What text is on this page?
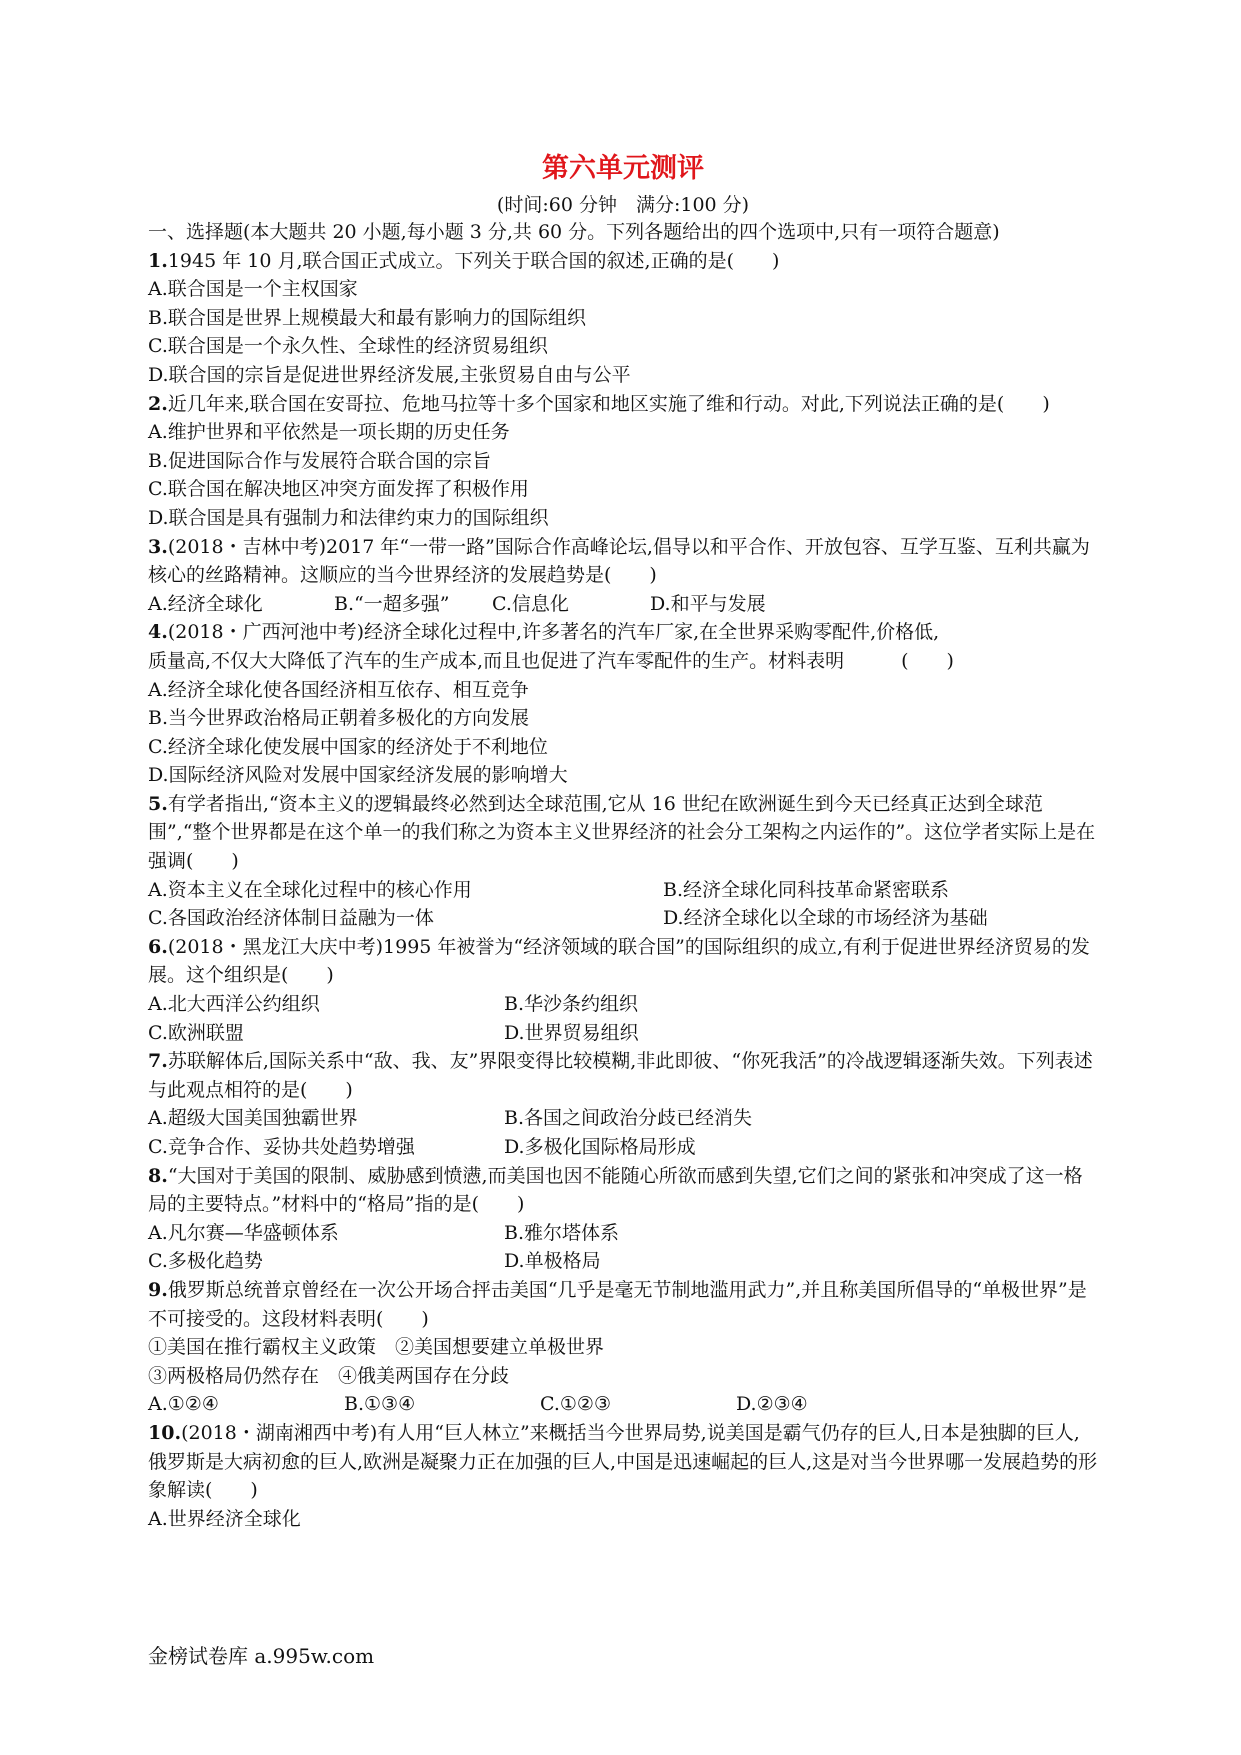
第六单元测评
(时间:60 分钟　满分:100 分)
一、选择题(本大题共 20 小题,每小题 3 分,共 60 分。下列各题给出的四个选项中,只有一项符合题意)
1.1945 年 10 月,联合国正式成立。下列关于联合国的叙述,正确的是(　　)
A.联合国是一个主权国家
B.联合国是世界上规模最大和最有影响力的国际组织
C.联合国是一个永久性、全球性的经济贸易组织
D.联合国的宗旨是促进世界经济发展,主张贸易自由与公平
2.近几年来,联合国在安哥拉、危地马拉等十多个国家和地区实施了维和行动。对此,下列说法正确的是(　　)
A.维护世界和平依然是一项长期的历史任务
B.促进国际合作与发展符合联合国的宗旨
C.联合国在解决地区冲突方面发挥了积极作用
D.联合国是具有强制力和法律约束力的国际组织
3.(2018・吉林中考)2017 年“一带一路”国际合作高峰论坛,倡导以和平合作、开放包容、互学互鉴、互利共赢为核心的丝路精神。这顺应的当今世界经济的发展趋势是(　　)
A.经济全球化	B.“一超多强”	C.信息化	D.和平与发展
4.(2018・广西河池中考)经济全球化过程中,许多著名的汽车厂家,在全世界采购零配件,价格低,
质量高,不仅大大降低了汽车的生产成本,而且也促进了汽车零配件的生产。材料表明　　　(　　)
A.经济全球化使各国经济相互依存、相互竞争
B.当今世界政治格局正朝着多极化的方向发展
C.经济全球化使发展中国家的经济处于不利地位
D.国际经济风险对发展中国家经济发展的影响增大
5.有学者指出,“资本主义的逻辑最终必然到达全球范围,它从 16 世纪在欧洲诞生到今天已经真正达到全球范围”,“整个世界都是在这个单一的我们称之为资本主义世界经济的社会分工架构之内运作的”。这位学者实际上是在强调(　　)
A.资本主义在全球化过程中的核心作用	B.经济全球化同科技革命紧密联系
C.各国政治经济体制日益融为一体	D.经济全球化以全球的市场经济为基础
6.(2018・黑龙江大庆中考)1995 年被誉为“经济领域的联合国”的国际组织的成立,有利于促进世界经济贸易的发展。这个组织是(　　)
A.北大西洋公约组织	B.华沙条约组织
C.欧洲联盟	D.世界贸易组织
7.苏联解体后,国际关系中“敌、我、友”界限变得比较模糊,非此即彼、“你死我活”的冷战逻辑逐渐失效。下列表述与此观点相符的是(　　)
A.超级大国美国独霸世界	B.各国之间政治分歧已经消失
C.竞争合作、妥协共处趋势增强	D.多极化国际格局形成
8.“大国对于美国的限制、威胁感到愤懑,而美国也因不能随心所欲而感到失望,它们之间的紧张和冲突成了这一格局的主要特点。”材料中的“格局”指的是(　　)
A.凡尔赛—华盛顿体系	B.雅尔塔体系
C.多极化趋势	D.单极格局
9.俄罗斯总统普京曾经在一次公开场合抨击美国“几乎是毫无节制地滥用武力”,并且称美国所倡导的“单极世界”是不可接受的。这段材料表明(　　)
①美国在推行霸权主义政策　②美国想要建立单极世界
③两极格局仍然存在　④俄美两国存在分歧
A.①②④	B.①③④	C.①②③	D.②③④
10.(2018・湖南湘西中考)有人用“巨人林立”来概括当今世界局势,说美国是霸气仍存的巨人,日本是独脚的巨人,俄罗斯是大病初愈的巨人,欧洲是凝聚力正在加强的巨人,中国是迅速崛起的巨人,这是对当今世界哪一发展趋势的形象解读(　　)
A.世界经济全球化
金榜试卷库 a.995w.com
